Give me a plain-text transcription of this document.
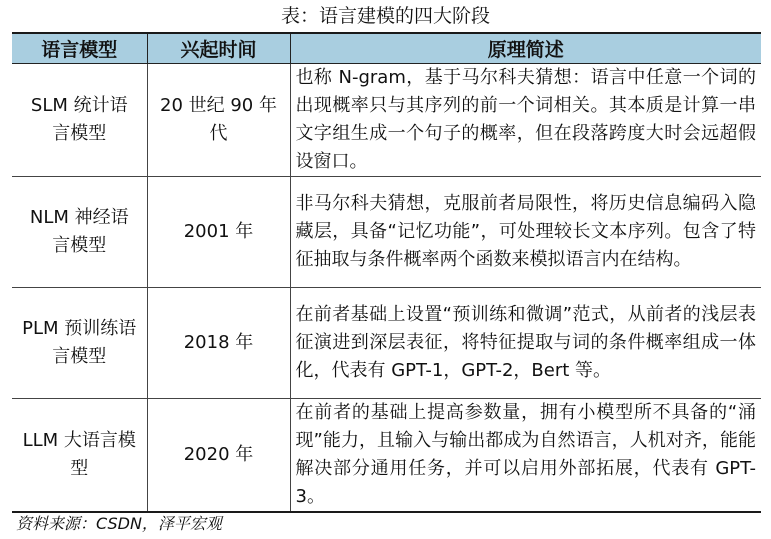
表：语言建模的四大阶段
语言模型	兴起时间	原理简述
SLM 统计语言模型	20 世纪 90 年代	也称 N-gram，基于马尔科夫猜想：语言中任意一个词的出现概率只与其序列的前一个词相关。其本质是计算一串文字组生成一个句子的概率，但在段落跨度大时会远超假设窗口。
NLM 神经语言模型	2001 年	非马尔科夫猜想，克服前者局限性，将历史信息编码入隐藏层，具备“记忆功能”，可处理较长文本序列。包含了特征抽取与条件概率两个函数来模拟语言内在结构。
PLM 预训练语言模型	2018 年	在前者基础上设置“预训练和微调”范式，从前者的浅层表征演进到深层表征，将特征提取与词的条件概率组成一体化，代表有 GPT-1，GPT-2，Bert 等。
LLM 大语言模型	2020 年	在前者的基础上提高参数量，拥有小模型所不具备的“涌现”能力，且输入与输出都成为自然语言，人机对齐，能能解决部分通用任务，并可以启用外部拓展，代表有 GPT-3。
资料来源：CSDN，泽平宏观
